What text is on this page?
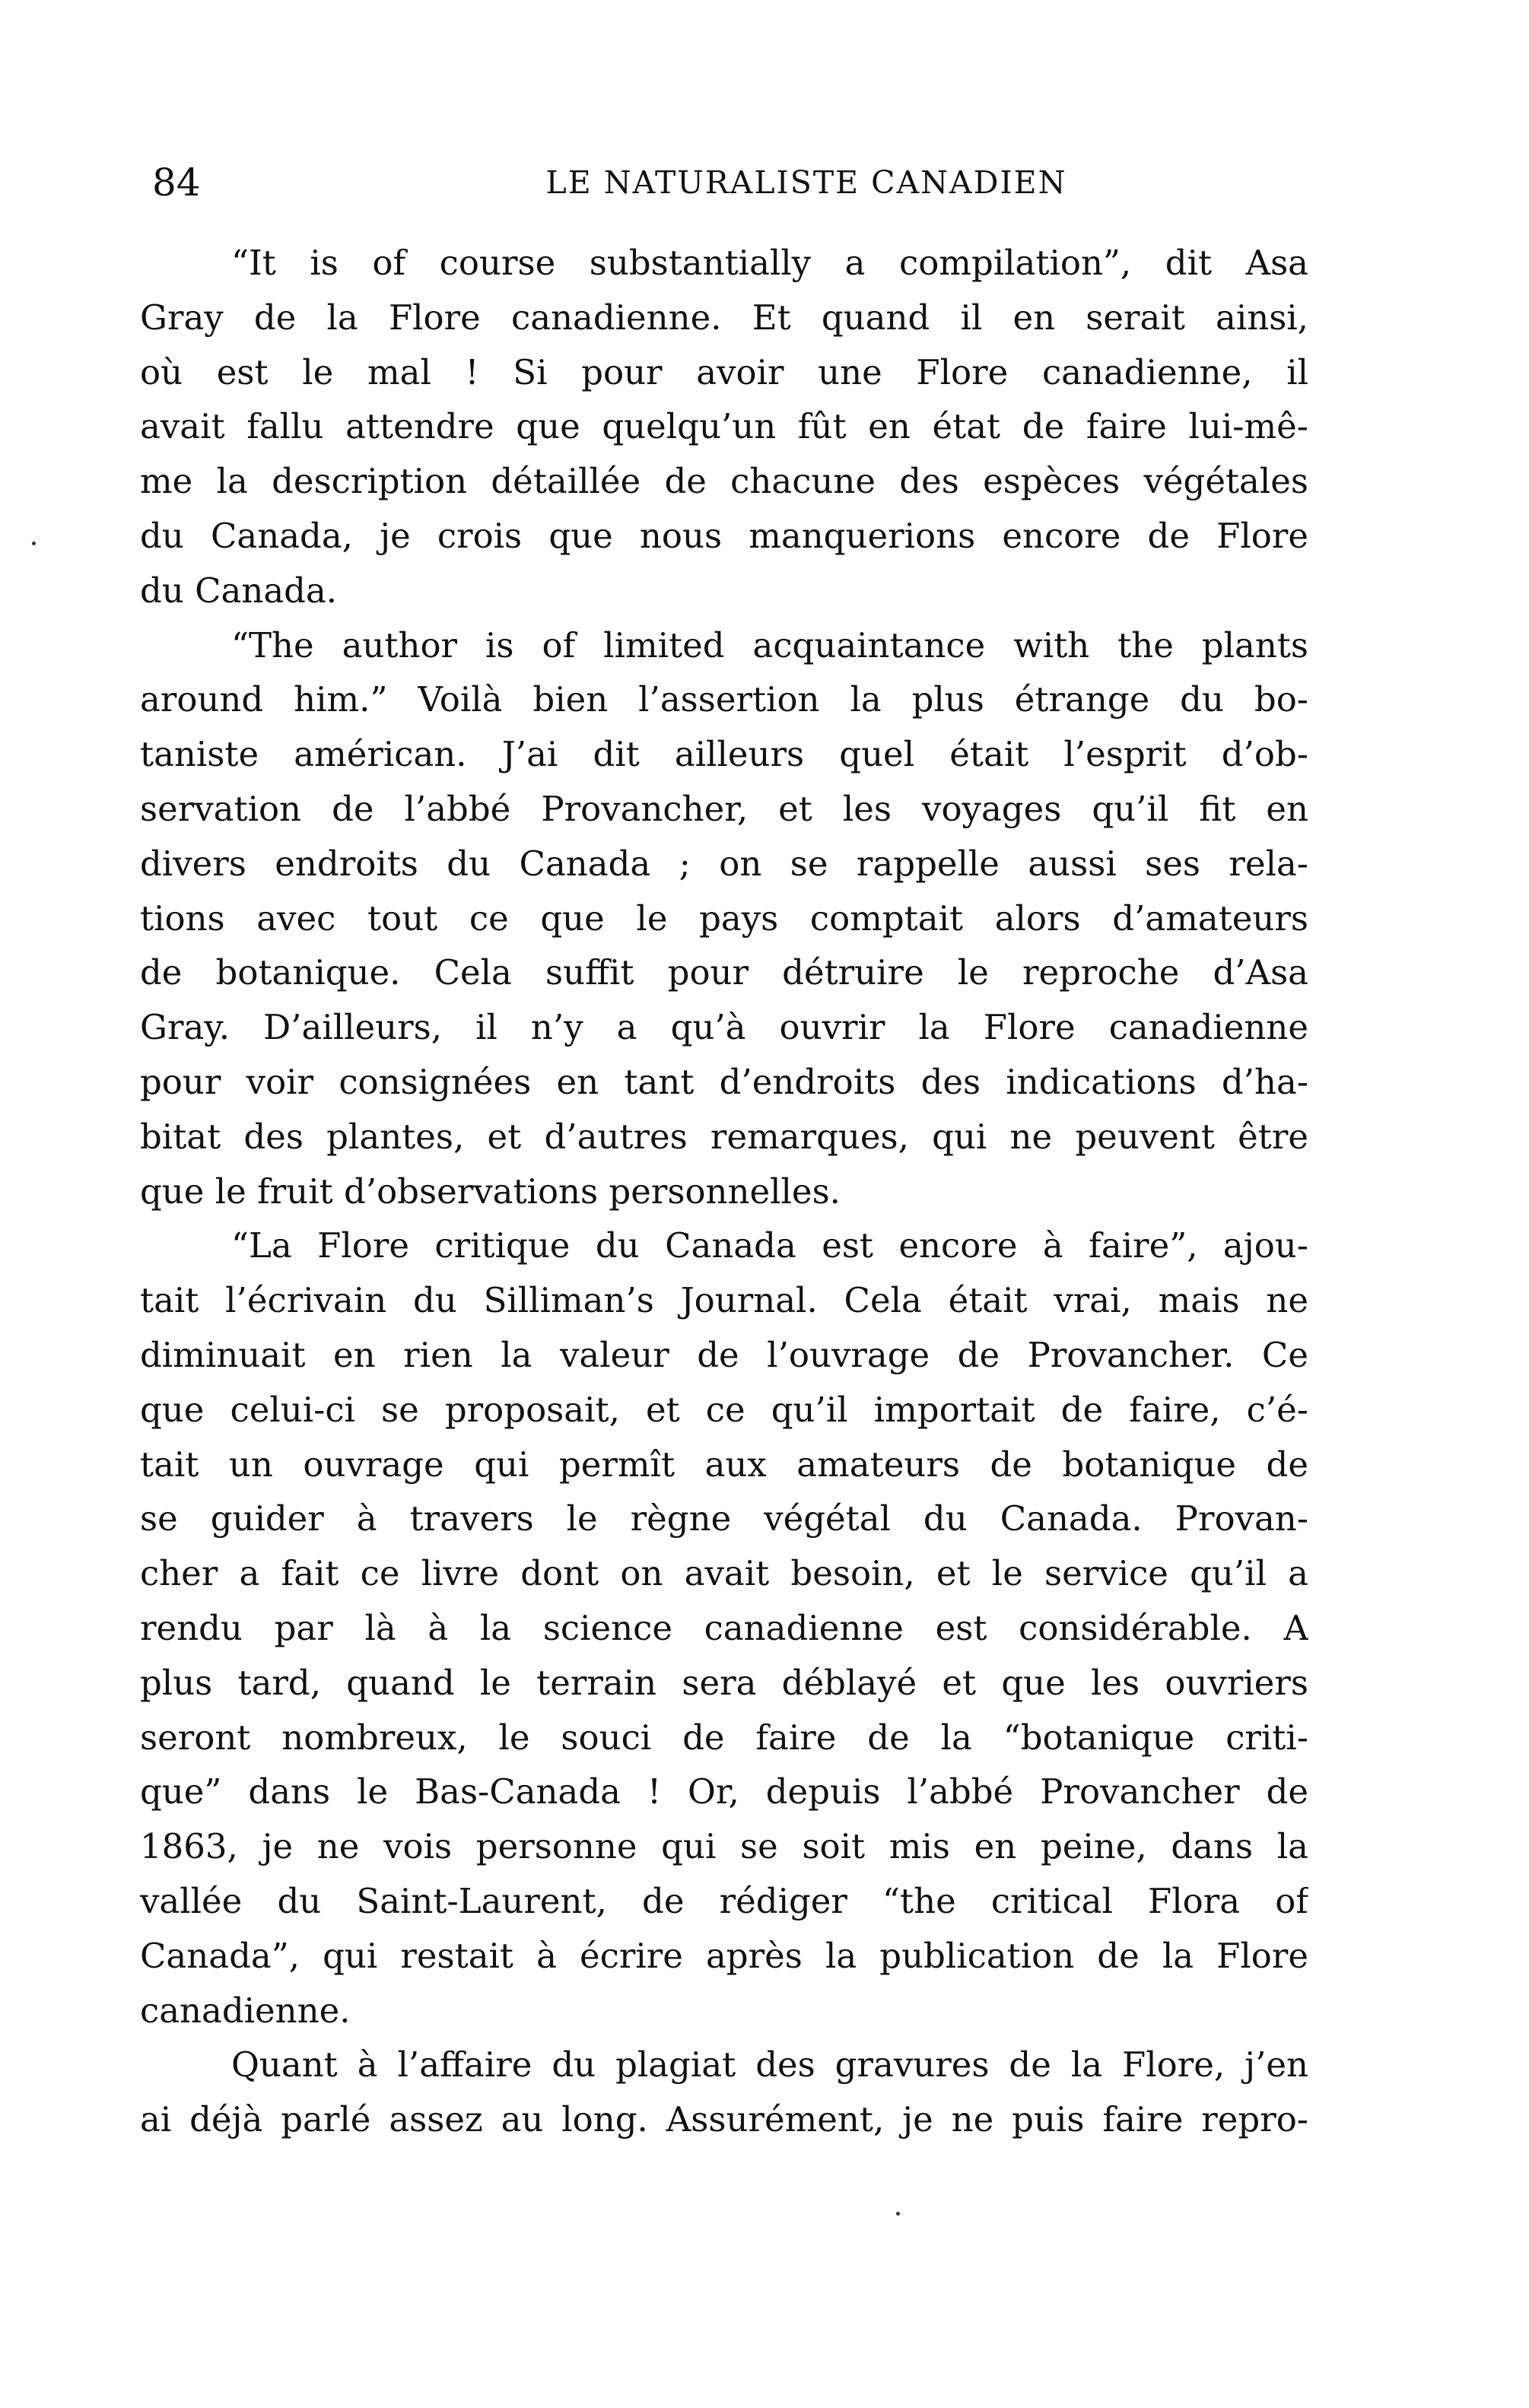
84	LE NATURALISTE CANADIEN

“It is of course substantially a compilation”, dit Asa
Gray de la Flore canadienne. Et quand il en serait ainsi,
où est le mal ! Si pour avoir une Flore canadienne, il
avait fallu attendre que quelqu’un fût en état de faire lui-mê-
me la description détaillée de chacune des espèces végétales
du Canada, je crois que nous manquerions encore de Flore
du Canada.

“The author is of limited acquaintance with the plants
around him.” Voilà bien l’assertion la plus étrange du bo-
taniste américan. J’ai dit ailleurs quel était l’esprit d’ob-
servation de l’abbé Provancher, et les voyages qu’il fit en
divers endroits du Canada ; on se rappelle aussi ses rela-
tions avec tout ce que le pays comptait alors d’amateurs
de botanique. Cela suffit pour détruire le reproche d’Asa
Gray. D’ailleurs, il n’y a qu’à ouvrir la Flore canadienne
pour voir consignées en tant d’endroits des indications d’ha-
bitat des plantes, et d’autres remarques, qui ne peuvent être
que le fruit d’observations personnelles.

“La Flore critique du Canada est encore à faire”, ajou-
tait l’écrivain du Silliman’s Journal. Cela était vrai, mais ne
diminuait en rien la valeur de l’ouvrage de Provancher. Ce
que celui-ci se proposait, et ce qu’il importait de faire, c’é-
tait un ouvrage qui permît aux amateurs de botanique de
se guider à travers le règne végétal du Canada. Provan-
cher a fait ce livre dont on avait besoin, et le service qu’il a
rendu par là à la science canadienne est considérable. A
plus tard, quand le terrain sera déblayé et que les ouvriers
seront nombreux, le souci de faire de la “botanique criti-
que” dans le Bas-Canada ! Or, depuis l’abbé Provancher de
1863, je ne vois personne qui se soit mis en peine, dans la
vallée du Saint-Laurent, de rédiger “the critical Flora of
Canada”, qui restait à écrire après la publication de la Flore
canadienne.

Quant à l’affaire du plagiat des gravures de la Flore, j’en
ai déjà parlé assez au long. Assurément, je ne puis faire repro-
